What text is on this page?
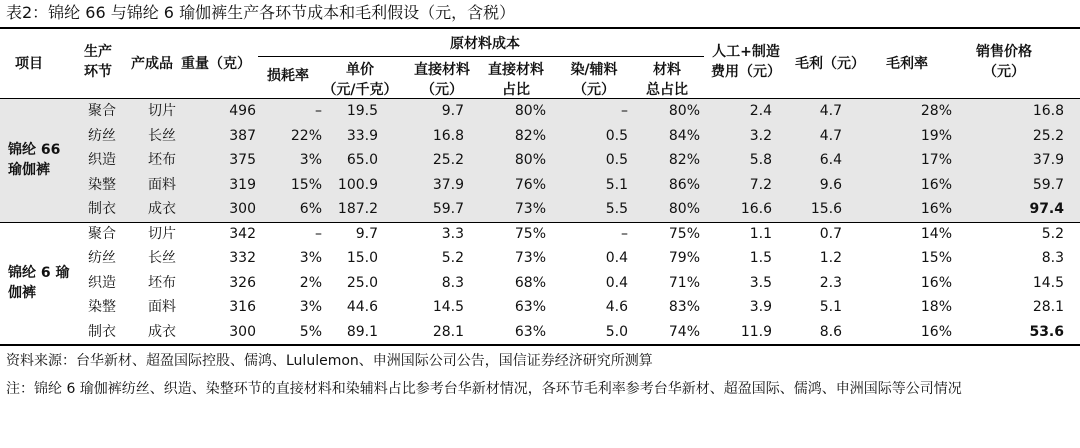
表2：锦纶 66 与锦纶 6 瑜伽裤生产各环节成本和毛利假设（元，含税）
项目
生产
环节	产成品 重量（克）
原材料成本
损耗率	单价
（元/千克）
直接材料
（元）
直接材料
占比
染/辅料
（元）
材料
总占比
人工+制造
费用（元）	毛利（元）	毛利率
销售价格
（元）
锦纶 66
瑜伽裤
聚合	切片	496	–	19.5	9.7	80%	–	80%	2.4	4.7	28%	16.8
纺丝	长丝	387	22%	33.9	16.8	82%	0.5	84%	3.2	4.7	19%	25.2
织造	坯布	375	3%	65.0	25.2	80%	0.5	82%	5.8	6.4	17%	37.9
染整	面料	319	15%	100.9	37.9	76%	5.1	86%	7.2	9.6	16%	59.7
制衣	成衣	300	6%	187.2	59.7	73%	5.5	80%	16.6	15.6	16%	97.4
锦纶 6 瑜
伽裤
聚合	切片	342	–	9.7	3.3	75%	–	75%	1.1	0.7	14%	5.2
纺丝	长丝	332	3%	15.0	5.2	73%	0.4	79%	1.5	1.2	15%	8.3
织造	坯布	326	2%	25.0	8.3	68%	0.4	71%	3.5	2.3	16%	14.5
染整	面料	316	3%	44.6	14.5	63%	4.6	83%	3.9	5.1	18%	28.1
制衣	成衣	300	5%	89.1	28.1	63%	5.0	74%	11.9	8.6	16%	53.6
资料来源：台华新材、超盈国际控股、儒鸿、Lululemon、申洲国际公司公告，国信证券经济研究所测算
注：锦纶 6 瑜伽裤纺丝、织造、染整环节的直接材料和染辅料占比参考台华新材情况，各环节毛利率参考台华新材、超盈国际、儒鸿、申洲国际等公司情况
